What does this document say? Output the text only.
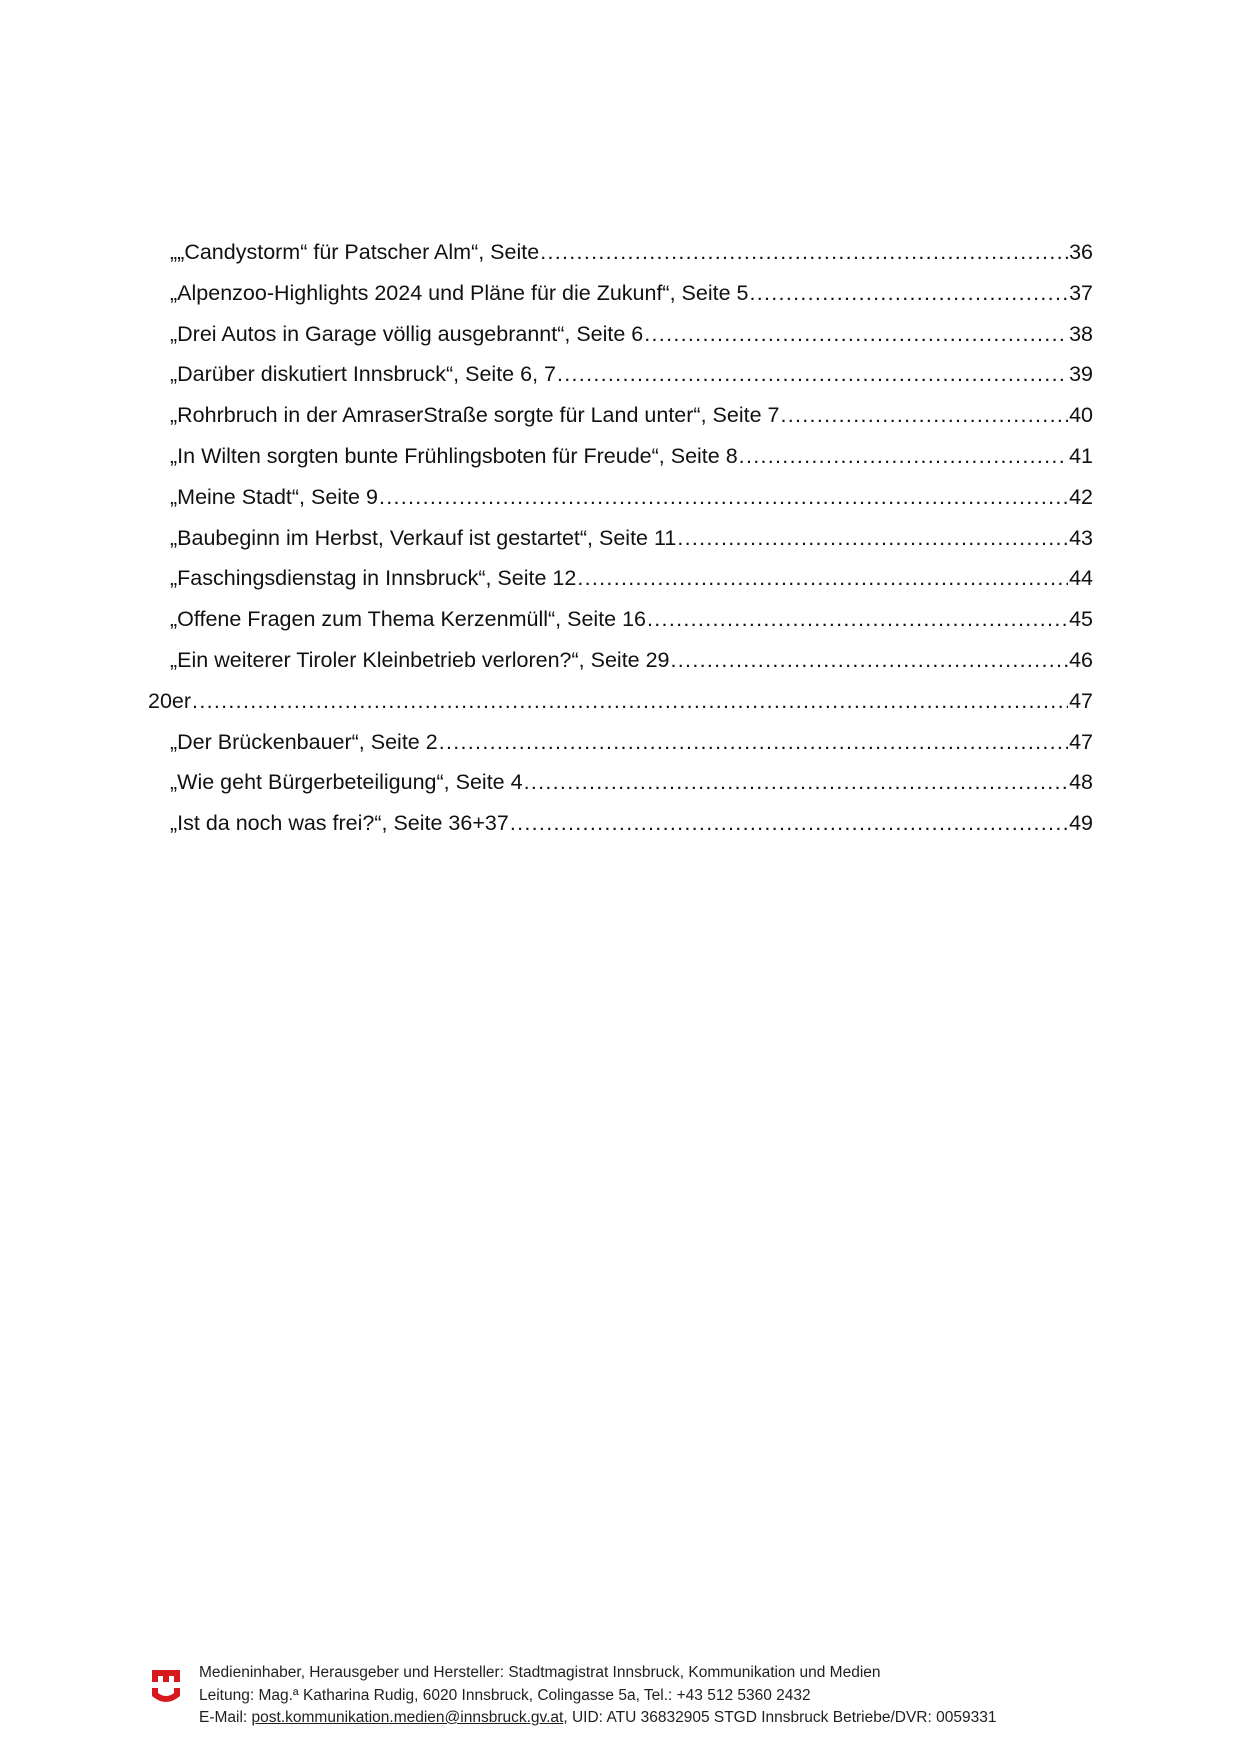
„„Candystorm“ für Patscher Alm“, Seite .....	36
„Alpenzoo-Highlights 2024 und Pläne für die Zukunf“, Seite 5 .....	37
„Drei Autos in Garage völlig ausgebrannt“, Seite 6 .....	38
„Darüber diskutiert Innsbruck“, Seite 6, 7 .....	39
„Rohrbruch in der AmraserStraße sorgte für Land unter“, Seite 7 .....	40
„In Wilten sorgten bunte Frühlingsboten für Freude“, Seite 8 .....	41
„Meine Stadt“, Seite 9 .....	42
„Baubeginn im Herbst, Verkauf ist gestartet“, Seite 11 .....	43
„Faschingsdienstag in Innsbruck“, Seite 12 .....	44
„Offene Fragen zum Thema Kerzenmüll“, Seite 16 .....	45
„Ein weiterer Tiroler Kleinbetrieb verloren?“, Seite 29 .....	46
20er .....	47
„Der Brückenbauer“, Seite 2 .....	47
„Wie geht Bürgerbeteiligung“, Seite 4 .....	48
„Ist da noch was frei?“, Seite 36+37 .....	49
Medieninhaber, Herausgeber und Hersteller: Stadtmagistrat Innsbruck, Kommunikation und Medien
Leitung: Mag.ª Katharina Rudig, 6020 Innsbruck, Colingasse 5a, Tel.: +43 512 5360 2432
E-Mail: post.kommunikation.medien@innsbruck.gv.at, UID: ATU 36832905 STGD Innsbruck Betriebe/DVR: 0059331
